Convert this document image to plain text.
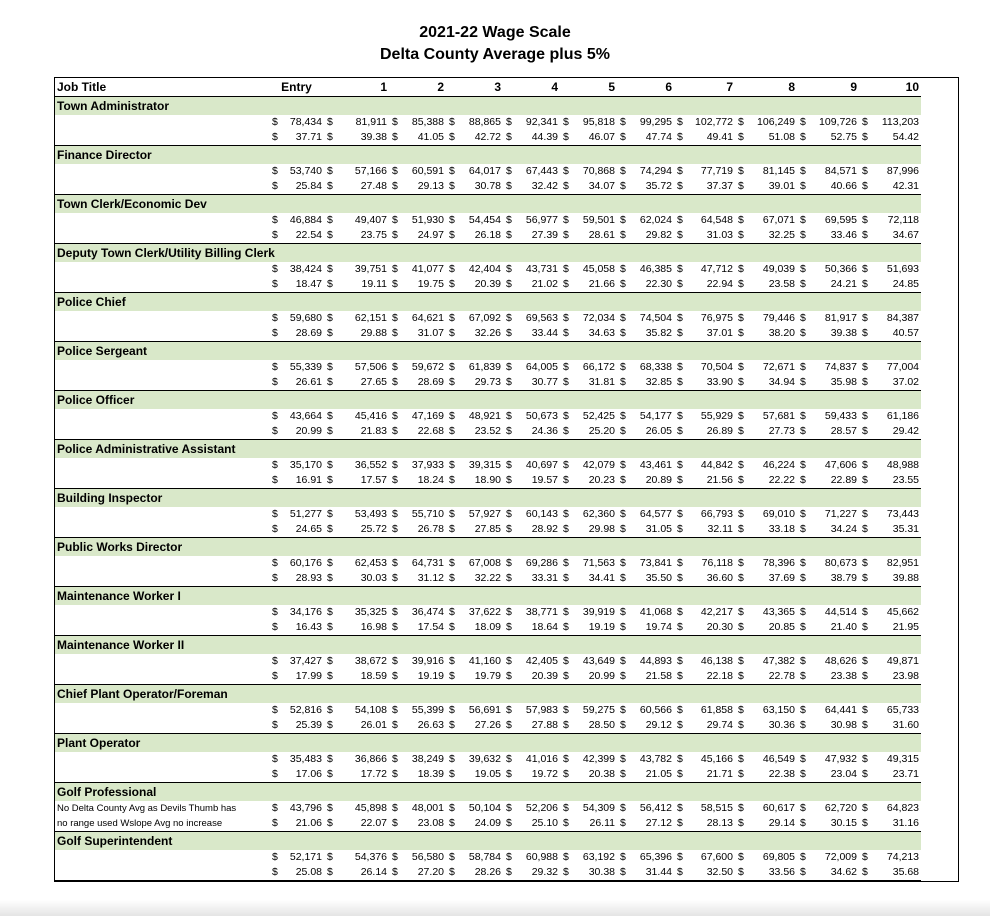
2021-22 Wage Scale
Delta County Average plus 5%
Job Title	Entry		1		2		3		4		5		6		7		8		9		10	
Town Administrator																						
	$	78,434	$	81,911	$	85,388	$	88,865	$	92,341	$	95,818	$	99,295	$	102,772	$	106,249	$	109,726	$	113,203
	$	37.71	$	39.38	$	41.05	$	42.72	$	44.39	$	46.07	$	47.74	$	49.41	$	51.08	$	52.75	$	54.42
Finance Director																						
	$	53,740	$	57,166	$	60,591	$	64,017	$	67,443	$	70,868	$	74,294	$	77,719	$	81,145	$	84,571	$	87,996
	$	25.84	$	27.48	$	29.13	$	30.78	$	32.42	$	34.07	$	35.72	$	37.37	$	39.01	$	40.66	$	42.31
Town Clerk/Economic Dev																						
	$	46,884	$	49,407	$	51,930	$	54,454	$	56,977	$	59,501	$	62,024	$	64,548	$	67,071	$	69,595	$	72,118
	$	22.54	$	23.75	$	24.97	$	26.18	$	27.39	$	28.61	$	29.82	$	31.03	$	32.25	$	33.46	$	34.67
Deputy Town Clerk/Utility Billing Clerk																						
	$	38,424	$	39,751	$	41,077	$	42,404	$	43,731	$	45,058	$	46,385	$	47,712	$	49,039	$	50,366	$	51,693
	$	18.47	$	19.11	$	19.75	$	20.39	$	21.02	$	21.66	$	22.30	$	22.94	$	23.58	$	24.21	$	24.85
Police Chief																						
	$	59,680	$	62,151	$	64,621	$	67,092	$	69,563	$	72,034	$	74,504	$	76,975	$	79,446	$	81,917	$	84,387
	$	28.69	$	29.88	$	31.07	$	32.26	$	33.44	$	34.63	$	35.82	$	37.01	$	38.20	$	39.38	$	40.57
Police Sergeant																						
	$	55,339	$	57,506	$	59,672	$	61,839	$	64,005	$	66,172	$	68,338	$	70,504	$	72,671	$	74,837	$	77,004
	$	26.61	$	27.65	$	28.69	$	29.73	$	30.77	$	31.81	$	32.85	$	33.90	$	34.94	$	35.98	$	37.02
Police Officer																						
	$	43,664	$	45,416	$	47,169	$	48,921	$	50,673	$	52,425	$	54,177	$	55,929	$	57,681	$	59,433	$	61,186
	$	20.99	$	21.83	$	22.68	$	23.52	$	24.36	$	25.20	$	26.05	$	26.89	$	27.73	$	28.57	$	29.42
Police Administrative Assistant																						
	$	35,170	$	36,552	$	37,933	$	39,315	$	40,697	$	42,079	$	43,461	$	44,842	$	46,224	$	47,606	$	48,988
	$	16.91	$	17.57	$	18.24	$	18.90	$	19.57	$	20.23	$	20.89	$	21.56	$	22.22	$	22.89	$	23.55
Building Inspector																						
	$	51,277	$	53,493	$	55,710	$	57,927	$	60,143	$	62,360	$	64,577	$	66,793	$	69,010	$	71,227	$	73,443
	$	24.65	$	25.72	$	26.78	$	27.85	$	28.92	$	29.98	$	31.05	$	32.11	$	33.18	$	34.24	$	35.31
Public Works Director																						
	$	60,176	$	62,453	$	64,731	$	67,008	$	69,286	$	71,563	$	73,841	$	76,118	$	78,396	$	80,673	$	82,951
	$	28.93	$	30.03	$	31.12	$	32.22	$	33.31	$	34.41	$	35.50	$	36.60	$	37.69	$	38.79	$	39.88
Maintenance Worker I																						
	$	34,176	$	35,325	$	36,474	$	37,622	$	38,771	$	39,919	$	41,068	$	42,217	$	43,365	$	44,514	$	45,662
	$	16.43	$	16.98	$	17.54	$	18.09	$	18.64	$	19.19	$	19.74	$	20.30	$	20.85	$	21.40	$	21.95
Maintenance Worker II																						
	$	37,427	$	38,672	$	39,916	$	41,160	$	42,405	$	43,649	$	44,893	$	46,138	$	47,382	$	48,626	$	49,871
	$	17.99	$	18.59	$	19.19	$	19.79	$	20.39	$	20.99	$	21.58	$	22.18	$	22.78	$	23.38	$	23.98
Chief Plant Operator/Foreman																						
	$	52,816	$	54,108	$	55,399	$	56,691	$	57,983	$	59,275	$	60,566	$	61,858	$	63,150	$	64,441	$	65,733
	$	25.39	$	26.01	$	26.63	$	27.26	$	27.88	$	28.50	$	29.12	$	29.74	$	30.36	$	30.98	$	31.60
Plant Operator																						
	$	35,483	$	36,866	$	38,249	$	39,632	$	41,016	$	42,399	$	43,782	$	45,166	$	46,549	$	47,932	$	49,315
	$	17.06	$	17.72	$	18.39	$	19.05	$	19.72	$	20.38	$	21.05	$	21.71	$	22.38	$	23.04	$	23.71
Golf Professional																						
No Delta County Avg as Devils Thumb has	$	43,796	$	45,898	$	48,001	$	50,104	$	52,206	$	54,309	$	56,412	$	58,515	$	60,617	$	62,720	$	64,823
no range used Wslope Avg no increase	$	21.06	$	22.07	$	23.08	$	24.09	$	25.10	$	26.11	$	27.12	$	28.13	$	29.14	$	30.15	$	31.16
Golf Superintendent																						
	$	52,171	$	54,376	$	56,580	$	58,784	$	60,988	$	63,192	$	65,396	$	67,600	$	69,805	$	72,009	$	74,213
	$	25.08	$	26.14	$	27.20	$	28.26	$	29.32	$	30.38	$	31.44	$	32.50	$	33.56	$	34.62	$	35.68
